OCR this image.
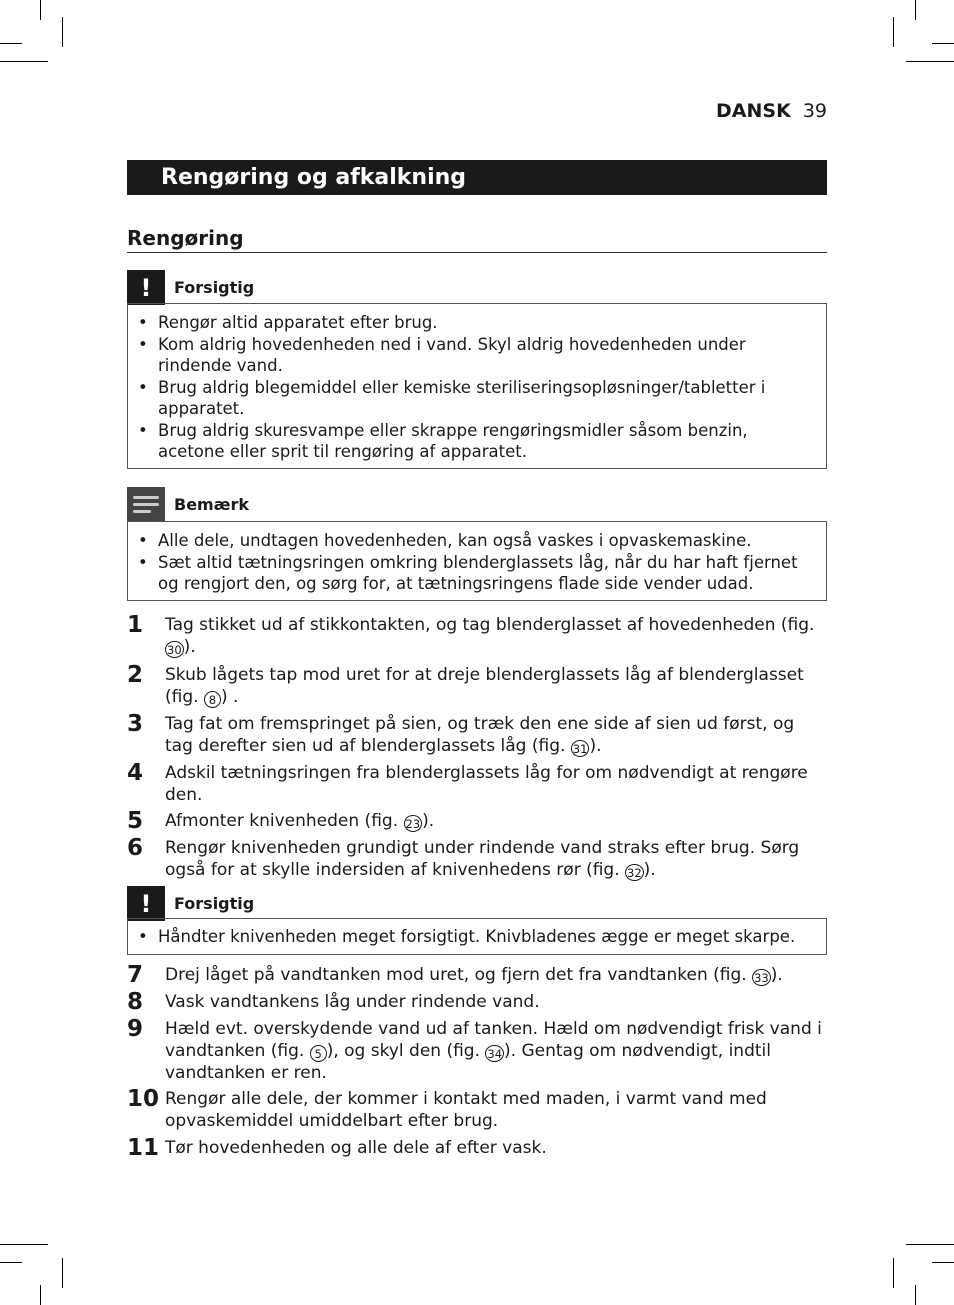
DANSK 39
Rengøring og afkalkning
Rengøring
!	Forsigtig
• Rengør altid apparatet efter brug.
• Kom aldrig hovedenheden ned i vand. Skyl aldrig hovedenheden under rindende vand.
• Brug aldrig blegemiddel eller kemiske steriliseringsopløsninger/tabletter i apparatet.
• Brug aldrig skuresvampe eller skrappe rengøringsmidler såsom benzin, acetone eller sprit til rengøring af apparatet.
Bemærk
• Alle dele, undtagen hovedenheden, kan også vaskes i opvaskemaskine.
• Sæt altid tætningsringen omkring blenderglassets låg, når du har haft fjernet og rengjort den, og sørg for, at tætningsringens flade side vender udad.
1	Tag stikket ud af stikkontakten, og tag blenderglasset af hovedenheden (fig. 30 ).
2	Skub lågets tap mod uret for at dreje blenderglassets låg af blenderglasset (fig. 8 ) .
3	Tag fat om fremspringet på sien, og træk den ene side af sien ud først, og tag derefter sien ud af blenderglassets låg (fig. 31 ).
4	Adskil tætningsringen fra blenderglassets låg for om nødvendigt at rengøre den.
5	Afmonter knivenheden (fig. 23 ).
6	Rengør knivenheden grundigt under rindende vand straks efter brug. Sørg også for at skylle indersiden af knivenhedens rør (fig. 32 ).
!	Forsigtig
• Håndter knivenheden meget forsigtigt. Knivbladenes ægge er meget skarpe.
7	Drej låget på vandtanken mod uret, og fjern det fra vandtanken (fig. 33 ).
8	Vask vandtankens låg under rindende vand.
9	Hæld evt. overskydende vand ud af tanken. Hæld om nødvendigt frisk vand i vandtanken (fig. 5 ), og skyl den (fig. 34 ). Gentag om nødvendigt, indtil vandtanken er ren.
10 Rengør alle dele, der kommer i kontakt med maden, i varmt vand med opvaskemiddel umiddelbart efter brug.
11 Tør hovedenheden og alle dele af efter vask.
